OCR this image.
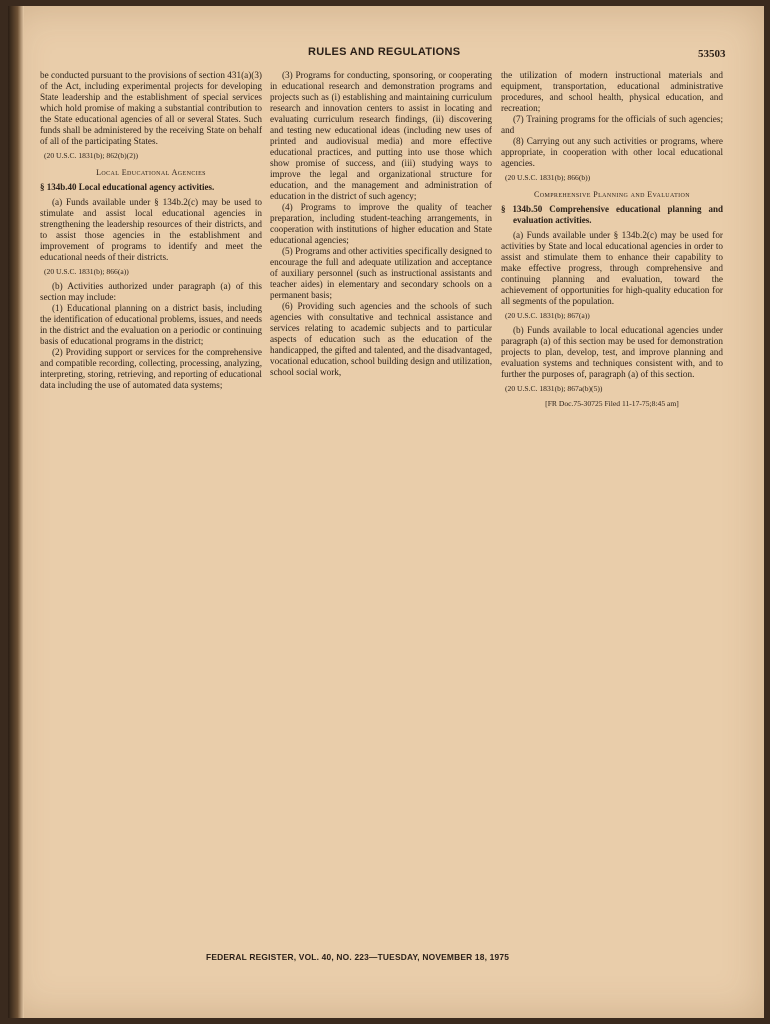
RULES AND REGULATIONS	53503

be conducted pursuant to the provisions of section 431(a)(3) of the Act, including experimental projects for developing State leadership and the establishment of special services which hold promise of making a substantial contribution to the State educational agencies of all or several States. Such funds shall be administered by the receiving State on behalf of all of the participating States.

(20 U.S.C. 1831(b); 862(b)(2))

Local Educational Agencies

§ 134b.40 Local educational agency activities.

(a) Funds available under § 134b.2(c) may be used to stimulate and assist local educational agencies in strengthening the leadership resources of their districts, and to assist those agencies in the establishment and improvement of programs to identify and meet the educational needs of their districts.

(20 U.S.C. 1831(b); 866(a))

(b) Activities authorized under paragraph (a) of this section may include:

(1) Educational planning on a district basis, including the identification of educational problems, issues, and needs in the district and the evaluation on a periodic or continuing basis of educational programs in the district;

(2) Providing support or services for the comprehensive and compatible recording, collecting, processing, analyzing, interpreting, storing, retrieving, and reporting of educational data including the use of automated data systems;

(3) Programs for conducting, sponsoring, or cooperating in educational research and demonstration programs and projects such as (i) establishing and maintaining curriculum research and innovation centers to assist in locating and evaluating curriculum research findings, (ii) discovering and testing new educational ideas (including new uses of printed and audiovisual media) and more effective educational practices, and putting into use those which show promise of success, and (iii) studying ways to improve the legal and organizational structure for education, and the management and administration of education in the district of such agency;

(4) Programs to improve the quality of teacher preparation, including student-teaching arrangements, in cooperation with institutions of higher education and State educational agencies;

(5) Programs and other activities specifically designed to encourage the full and adequate utilization and acceptance of auxiliary personnel (such as instructional assistants and teacher aides) in elementary and secondary schools on a permanent basis;

(6) Providing such agencies and the schools of such agencies with consultative and technical assistance and services relating to academic subjects and to particular aspects of education such as the education of the handicapped, the gifted and talented, and the disadvantaged, vocational education, school building design and utilization, school social work,

the utilization of modern instructional materials and equipment, transportation, educational administrative procedures, and school health, physical education, and recreation;

(7) Training programs for the officials of such agencies; and

(8) Carrying out any such activities or programs, where appropriate, in cooperation with other local educational agencies.

(20 U.S.C. 1831(b); 866(b))

Comprehensive Planning and Evaluation

§ 134b.50 Comprehensive educational planning and evaluation activities.

(a) Funds available under § 134b.2(c) may be used for activities by State and local educational agencies in order to assist and stimulate them to enhance their capability to make effective progress, through comprehensive and continuing planning and evaluation, toward the achievement of opportunities for high-quality education for all segments of the population.

(20 U.S.C. 1831(b); 867(a))

(b) Funds available to local educational agencies under paragraph (a) of this section may be used for demonstration projects to plan, develop, test, and improve planning and evaluation systems and techniques consistent with, and to further the purposes of, paragraph (a) of this section.

(20 U.S.C. 1831(b); 867a(b)(5))

[FR Doc.75-30725 Filed 11-17-75;8:45 am]

FEDERAL REGISTER, VOL. 40, NO. 223—TUESDAY, NOVEMBER 18, 1975
